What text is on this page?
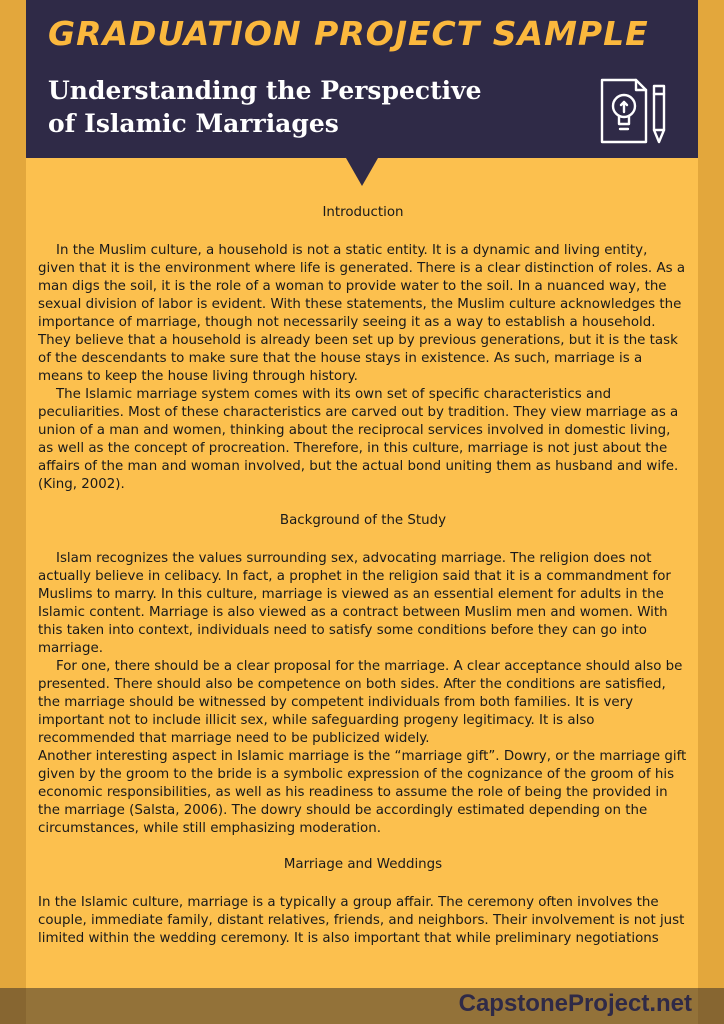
GRADUATION PROJECT SAMPLE
Understanding the Perspective
of Islamic Marriages
Introduction

In the Muslim culture, a household is not a static entity. It is a dynamic and living entity, given that it is the environment where life is generated. There is a clear distinction of roles. As a man digs the soil, it is the role of a woman to provide water to the soil. In a nuanced way, the sexual division of labor is evident. With these statements, the Muslim culture acknowledges the importance of marriage, though not necessarily seeing it as a way to establish a household. They believe that a household is already been set up by previous generations, but it is the task of the descendants to make sure that the house stays in existence. As such, marriage is a means to keep the house living through history.

The Islamic marriage system comes with its own set of specific characteristics and peculiarities. Most of these characteristics are carved out by tradition. They view marriage as a union of a man and women, thinking about the reciprocal services involved in domestic living, as well as the concept of procreation. Therefore, in this culture, marriage is not just about the affairs of the man and woman involved, but the actual bond uniting them as husband and wife. (King, 2002).

Background of the Study

Islam recognizes the values surrounding sex, advocating marriage. The religion does not actually believe in celibacy. In fact, a prophet in the religion said that it is a commandment for Muslims to marry. In this culture, marriage is viewed as an essential element for adults in the Islamic content. Marriage is also viewed as a contract between Muslim men and women. With this taken into context, individuals need to satisfy some conditions before they can go into marriage.

For one, there should be a clear proposal for the marriage. A clear acceptance should also be presented. There should also be competence on both sides. After the conditions are satisfied, the marriage should be witnessed by competent individuals from both families. It is very important not to include illicit sex, while safeguarding progeny legitimacy. It is also recommended that marriage need to be publicized widely.

Another interesting aspect in Islamic marriage is the “marriage gift”. Dowry, or the marriage gift given by the groom to the bride is a symbolic expression of the cognizance of the groom of his economic responsibilities, as well as his readiness to assume the role of being the provided in the marriage (Salsta, 2006). The dowry should be accordingly estimated depending on the circumstances, while still emphasizing moderation.

Marriage and Weddings

In the Islamic culture, marriage is a typically a group affair. The ceremony often involves the couple, immediate family, distant relatives, friends, and neighbors. Their involvement is not just limited within the wedding ceremony. It is also important that while preliminary negotiations

CapstoneProject.net
